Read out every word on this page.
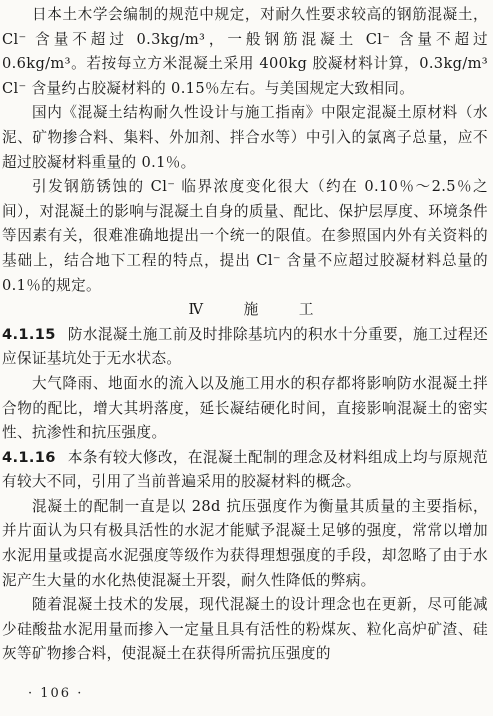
日本土木学会编制的规范中规定，对耐久性要求较高的钢筋混凝土，Cl⁻ 含量不超过 0.3kg/m³，一般钢筋混凝土 Cl⁻ 含量不超过 0.6kg/m³。若按每立方米混凝土采用 400kg 胶凝材料计算，0.3kg/m³ Cl⁻ 含量约占胶凝材料的 0.15％左右。与美国规定大致相同。

国内《混凝土结构耐久性设计与施工指南》中限定混凝土原材料（水泥、矿物掺合料、集料、外加剂、拌合水等）中引入的氯离子总量，应不超过胶凝材料重量的 0.1％。

引发钢筋锈蚀的 Cl⁻ 临界浓度变化很大（约在 0.10％～2.5％之间），对混凝土的影响与混凝土自身的质量、配比、保护层厚度、环境条件等因素有关，很难准确地提出一个统一的限值。在参照国内外有关资料的基础上，结合地下工程的特点，提出 Cl⁻ 含量不应超过胶凝材料总量的 0.1％的规定。

Ⅳ 施 工

4.1.15 防水混凝土施工前及时排除基坑内的积水十分重要，施工过程还应保证基坑处于无水状态。

大气降雨、地面水的流入以及施工用水的积存都将影响防水混凝土拌合物的配比，增大其坍落度，延长凝结硬化时间，直接影响混凝土的密实性、抗渗性和抗压强度。

4.1.16 本条有较大修改，在混凝土配制的理念及材料组成上均与原规范有较大不同，引用了当前普遍采用的胶凝材料的概念。

混凝土的配制一直是以 28d 抗压强度作为衡量其质量的主要指标，并片面认为只有极具活性的水泥才能赋予混凝土足够的强度，常常以增加水泥用量或提高水泥强度等级作为获得理想强度的手段，却忽略了由于水泥产生大量的水化热使混凝土开裂，耐久性降低的弊病。

随着混凝土技术的发展，现代混凝土的设计理念也在更新，尽可能减少硅酸盐水泥用量而掺入一定量且具有活性的粉煤灰、粒化高炉矿渣、硅灰等矿物掺合料，使混凝土在获得所需抗压强度的

· 106 ·
